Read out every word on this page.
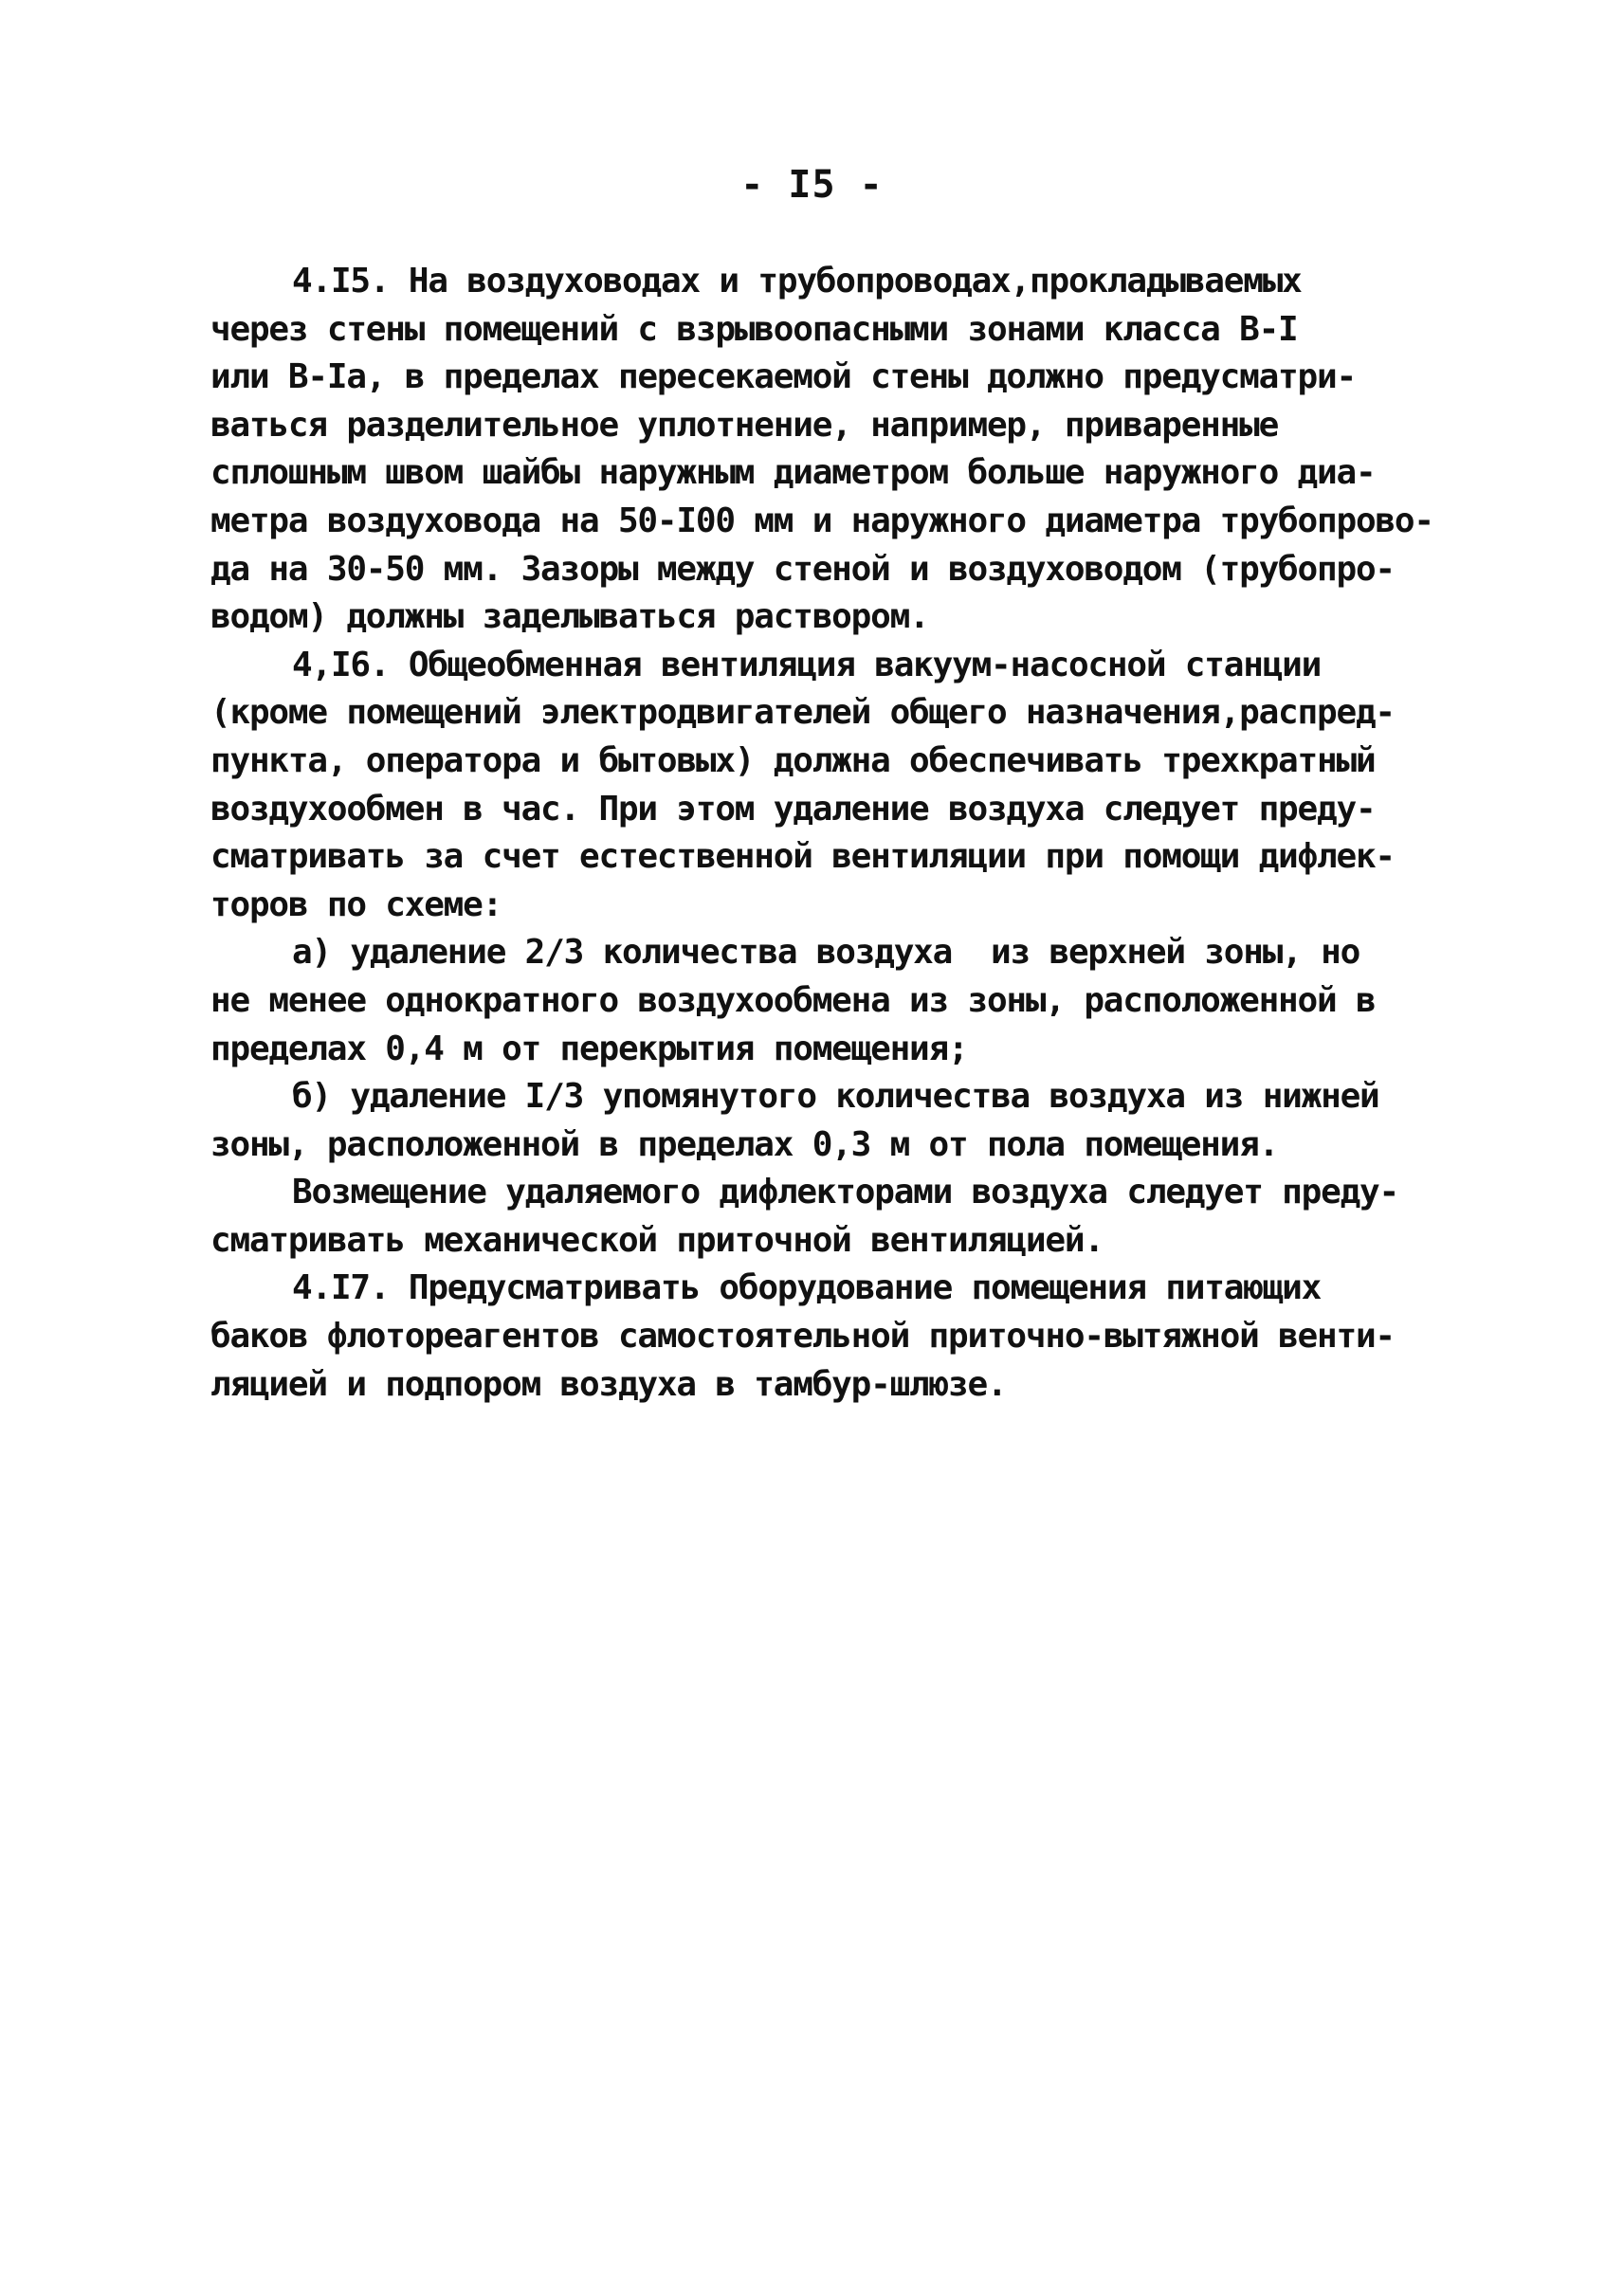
- I5 -
4.I5. На воздуховодах и трубопроводах,прокладываемых
через стены помещений с взрывоопасными зонами класса В-I
или В-Iа, в пределах пересекаемой стены должно предусматри-
ваться разделительное уплотнение, например, приваренные
сплошным швом шайбы наружным диаметром больше наружного диа-
метра воздуховода на 50-I00 мм и наружного диаметра трубопрово-
да на 30-50 мм. Зазоры между стеной и воздуховодом (трубопро-
водом) должны заделываться раствором.
4,I6. Общеобменная вентиляция вакуум-насосной станции
(кроме помещений электродвигателей общего назначения,распред-
пункта, оператора и бытовых) должна обеспечивать трехкратный
воздухообмен в час. При этом удаление воздуха следует преду-
сматривать за счет естественной вентиляции при помощи дифлек-
торов по схеме:
а) удаление 2/3 количества воздуха  из верхней зоны, но
не менее однократного воздухообмена из зоны, расположенной в
пределах 0,4 м от перекрытия помещения;
б) удаление I/3 упомянутого количества воздуха из нижней
зоны, расположенной в пределах 0,3 м от пола помещения.
Возмещение удаляемого дифлекторами воздуха следует преду-
сматривать механической приточной вентиляцией.
4.I7. Предусматривать оборудование помещения питающих
баков флотореагентов самостоятельной приточно-вытяжной венти-
ляцией и подпором воздуха в тамбур-шлюзе.
